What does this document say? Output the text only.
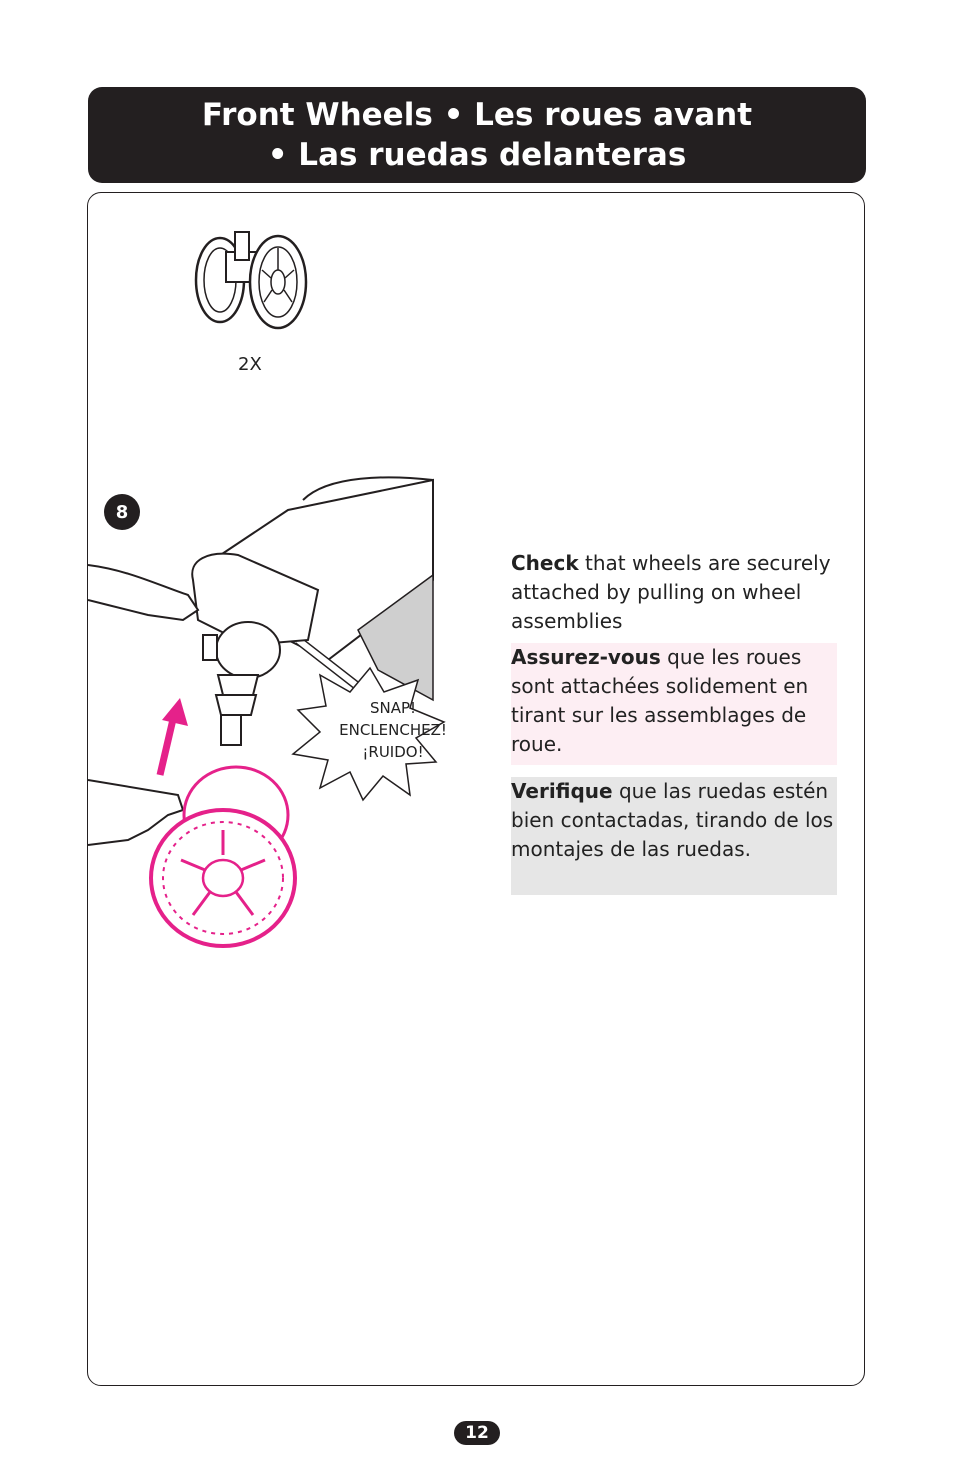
Front Wheels • Les roues avant
• Las ruedas delanteras
2X
8
SNAP!
ENCLENCHEZ!
¡RUIDO!
Check that wheels are securely attached by pulling on wheel assemblies
Assurez-vous que les roues sont attachées solidement en tirant sur les assemblages de roue.
Verifique que las ruedas estén bien contactadas, tirando de los montajes de las ruedas.
12
